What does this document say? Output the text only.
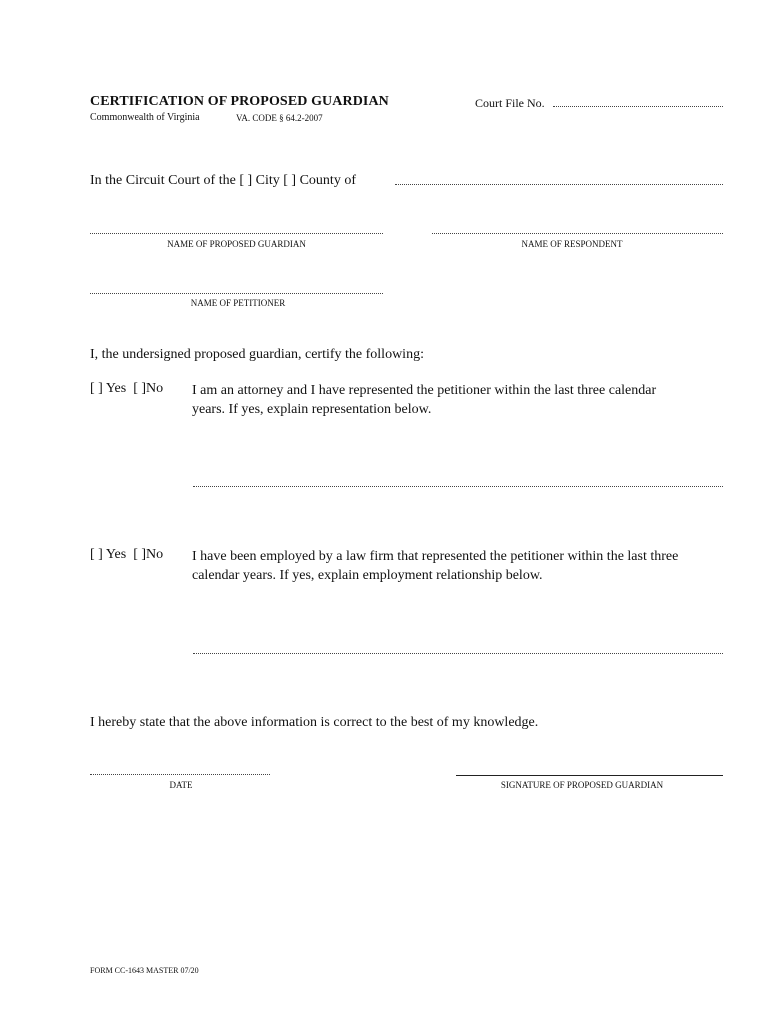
CERTIFICATION OF PROPOSED GUARDIAN
Commonwealth of Virginia	VA. CODE § 64.2-2007
Court File No.
In the Circuit Court of the [ ] City [ ] County of
NAME OF PROPOSED GUARDIAN	NAME OF RESPONDENT
NAME OF PETITIONER
I, the undersigned proposed guardian, certify the following:
[ ] Yes [ ]No I am an attorney and I have represented the petitioner within the last three calendar
years. If yes, explain representation below.
[ ] Yes [ ]No I have been employed by a law firm that represented the petitioner within the last three
calendar years. If yes, explain employment relationship below.
I hereby state that the above information is correct to the best of my knowledge.
DATE	SIGNATURE OF PROPOSED GUARDIAN
FORM CC-1643 MASTER 07/20
